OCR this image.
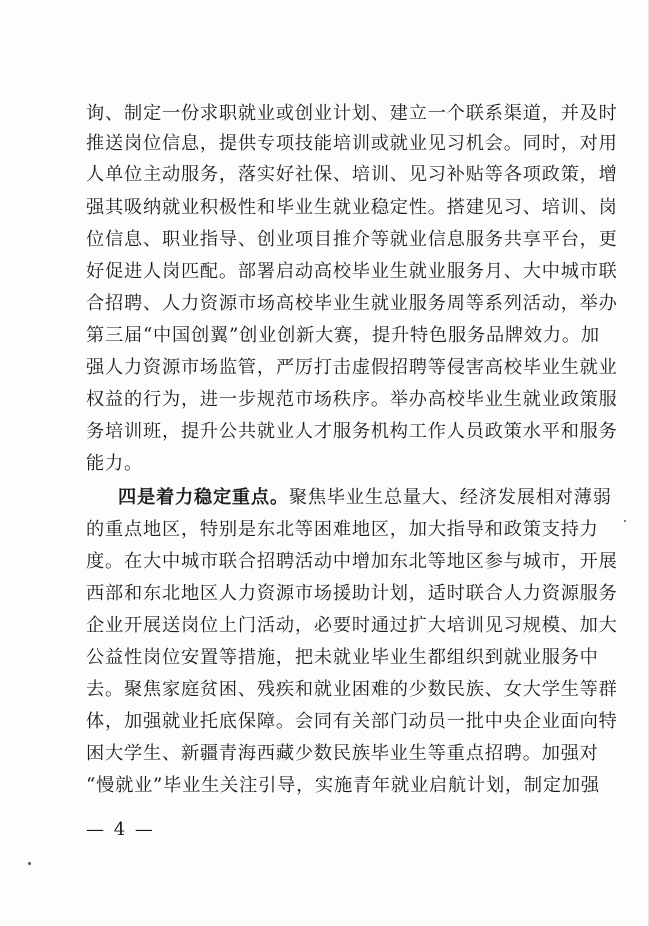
询、制定一份求职就业或创业计划、建立一个联系渠道，并及时
推送岗位信息，提供专项技能培训或就业见习机会。同时，对用
人单位主动服务，落实好社保、培训、见习补贴等各项政策，增
强其吸纳就业积极性和毕业生就业稳定性。搭建见习、培训、岗
位信息、职业指导、创业项目推介等就业信息服务共享平台，更
好促进人岗匹配。部署启动高校毕业生就业服务月、大中城市联
合招聘、人力资源市场高校毕业生就业服务周等系列活动，举办
第三届“中国创翼”创业创新大赛，提升特色服务品牌效力。加
强人力资源市场监管，严厉打击虚假招聘等侵害高校毕业生就业
权益的行为，进一步规范市场秩序。举办高校毕业生就业政策服
务培训班，提升公共就业人才服务机构工作人员政策水平和服务
能力。
四是着力稳定重点。聚焦毕业生总量大、经济发展相对薄弱
的重点地区，特别是东北等困难地区，加大指导和政策支持力
度。在大中城市联合招聘活动中增加东北等地区参与城市，开展
西部和东北地区人力资源市场援助计划，适时联合人力资源服务
企业开展送岗位上门活动，必要时通过扩大培训见习规模、加大
公益性岗位安置等措施，把未就业毕业生都组织到就业服务中
去。聚焦家庭贫困、残疾和就业困难的少数民族、女大学生等群
体，加强就业托底保障。会同有关部门动员一批中央企业面向特
困大学生、新疆青海西藏少数民族毕业生等重点招聘。加强对
“慢就业”毕业生关注引导，实施青年就业启航计划，制定加强
— 4 —
